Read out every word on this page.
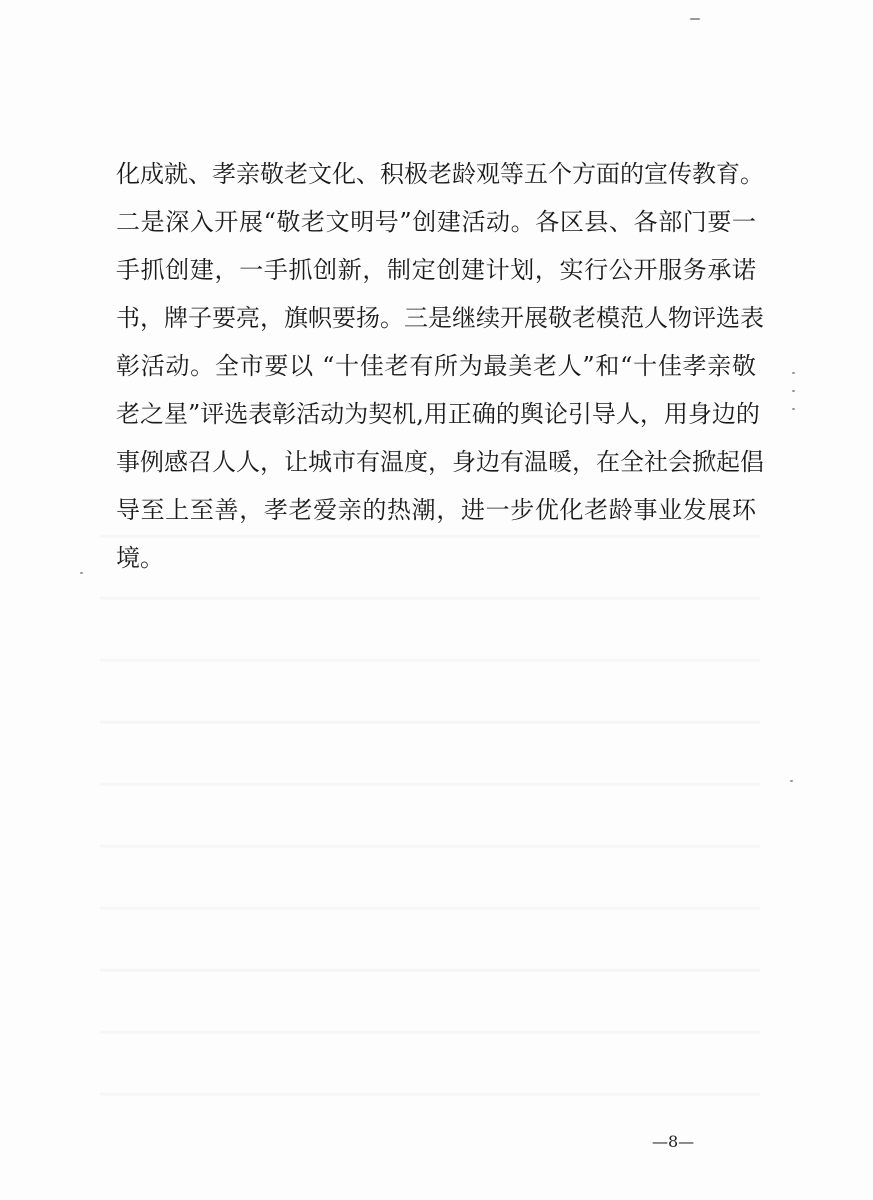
化成就、孝亲敬老文化、积极老龄观等五个方面的宣传教育。
二是深入开展“敬老文明号”创建活动。各区县、各部门要一
手抓创建，一手抓创新，制定创建计划，实行公开服务承诺
书，牌子要亮，旗帜要扬。三是继续开展敬老模范人物评选表
彰活动。全市要以 “十佳老有所为最美老人”和“十佳孝亲敬
老之星”评选表彰活动为契机,用正确的舆论引导人，用身边的
事例感召人人，让城市有温度，身边有温暖，在全社会掀起倡
导至上至善，孝老爱亲的热潮，进一步优化老龄事业发展环
境。
—8—
